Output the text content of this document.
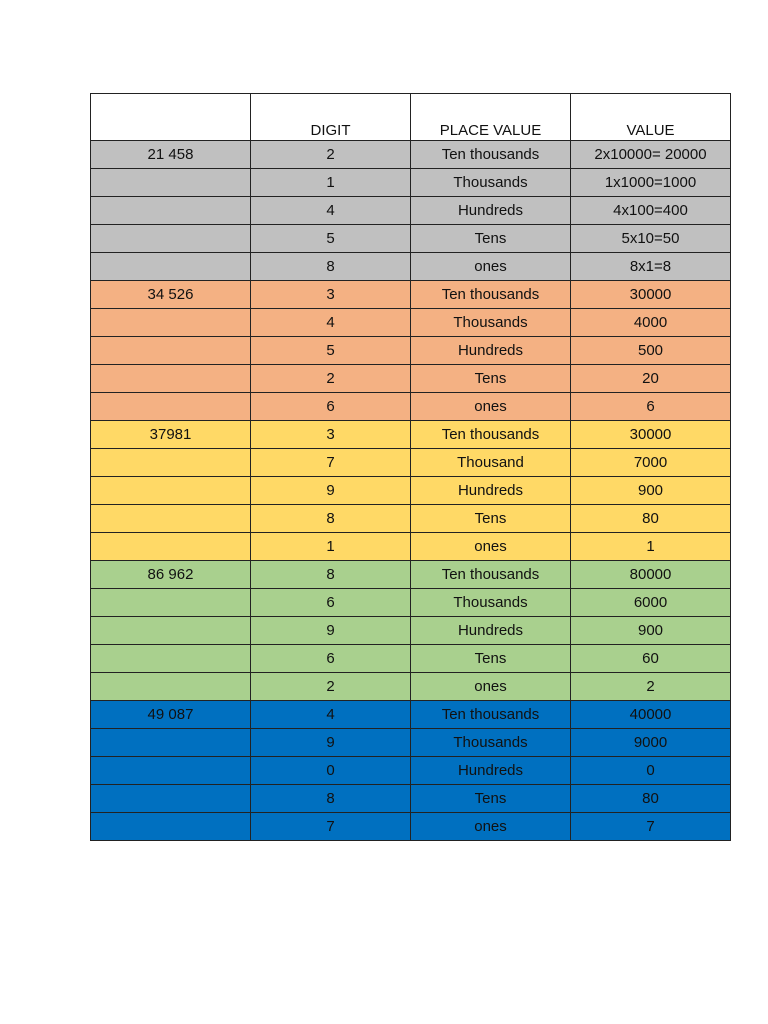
	DIGIT	PLACE VALUE	VALUE
21 458	2	Ten thousands	2x10000= 20000
	1	Thousands	1x1000=1000
	4	Hundreds	4x100=400
	5	Tens	5x10=50
	8	ones	8x1=8
34 526	3	Ten thousands	30000
	4	Thousands	4000
	5	Hundreds	500
	2	Tens	20
	6	ones	6
37981	3	Ten thousands	30000
	7	Thousand	7000
	9	Hundreds	900
	8	Tens	80
	1	ones	1
86 962	8	Ten thousands	80000
	6	Thousands	6000
	9	Hundreds	900
	6	Tens	60
	2	ones	2
49 087	4	Ten thousands	40000
	9	Thousands	9000
	0	Hundreds	0
	8	Tens	80
	7	ones	7
